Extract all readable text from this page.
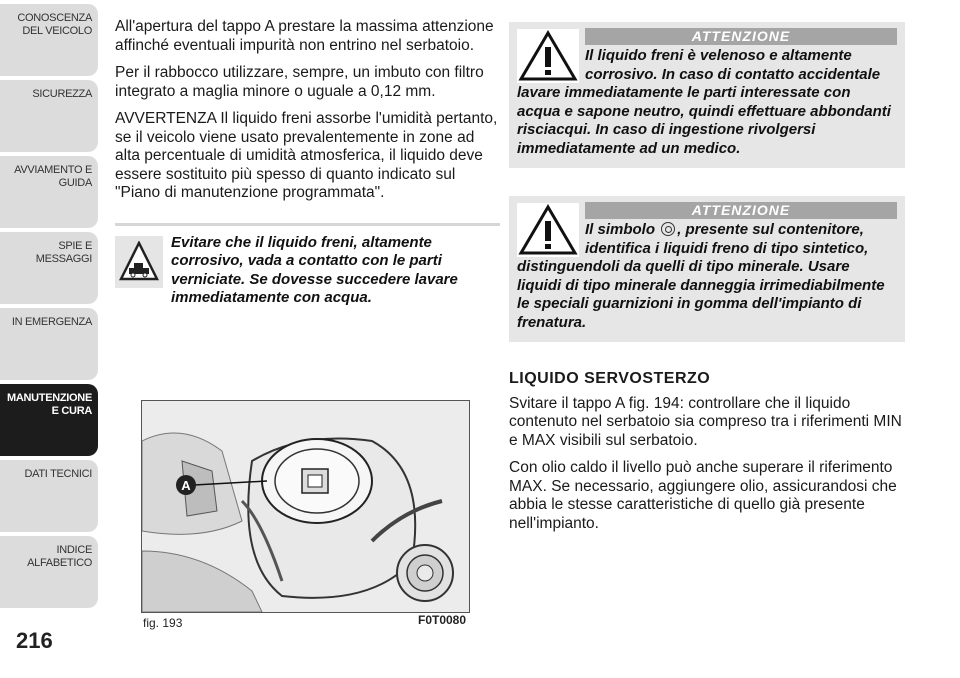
CONOSCENZA DEL VEICOLO
SICUREZZA
AVVIAMENTO E GUIDA
SPIE E MESSAGGI
IN EMERGENZA
MANUTENZIONE E CURA
DATI TECNICI
INDICE ALFABETICO
216

All'apertura del tappo A prestare la massima attenzione affinché eventuali impurità non entrino nel serbatoio.

Per il rabbocco utilizzare, sempre, un imbuto con filtro integrato a maglia minore o uguale a 0,12 mm.

AVVERTENZA Il liquido freni assorbe l'umidità pertanto, se il veicolo viene usato prevalentemente in zone ad alta percentuale di umidità atmosferica, il liquido deve essere sostituito più spesso di quanto indicato sul "Piano di manutenzione programmata".

Evitare che il liquido freni, altamente corrosivo, vada a contatto con le parti verniciate. Se dovesse succedere lavare immediatamente con acqua.
A
fig. 193	F0T0080
ATTENZIONE
Il liquido freni è velenoso e altamente corrosivo. In caso di contatto accidentale lavare immediatamente le parti interessate con acqua e sapone neutro, quindi effettuare abbondanti risciacqui. In caso di ingestione rivolgersi immediatamente ad un medico.
ATTENZIONE
Il simbolo , presente sul contenitore, identifica i liquidi freno di tipo sintetico, distinguendoli da quelli di tipo minerale. Usare liquidi di tipo minerale danneggia irrimediabilmente le speciali guarnizioni in gomma dell'impianto di frenatura.
LIQUIDO SERVOSTERZO

Svitare il tappo A fig. 194: controllare che il liquido contenuto nel serbatoio sia compreso tra i riferimenti MIN e MAX visibili sul serbatoio.

Con olio caldo il livello può anche superare il riferimento MAX. Se necessario, aggiungere olio, assicurandosi che abbia le stesse caratteristiche di quello già presente nell'impianto.
